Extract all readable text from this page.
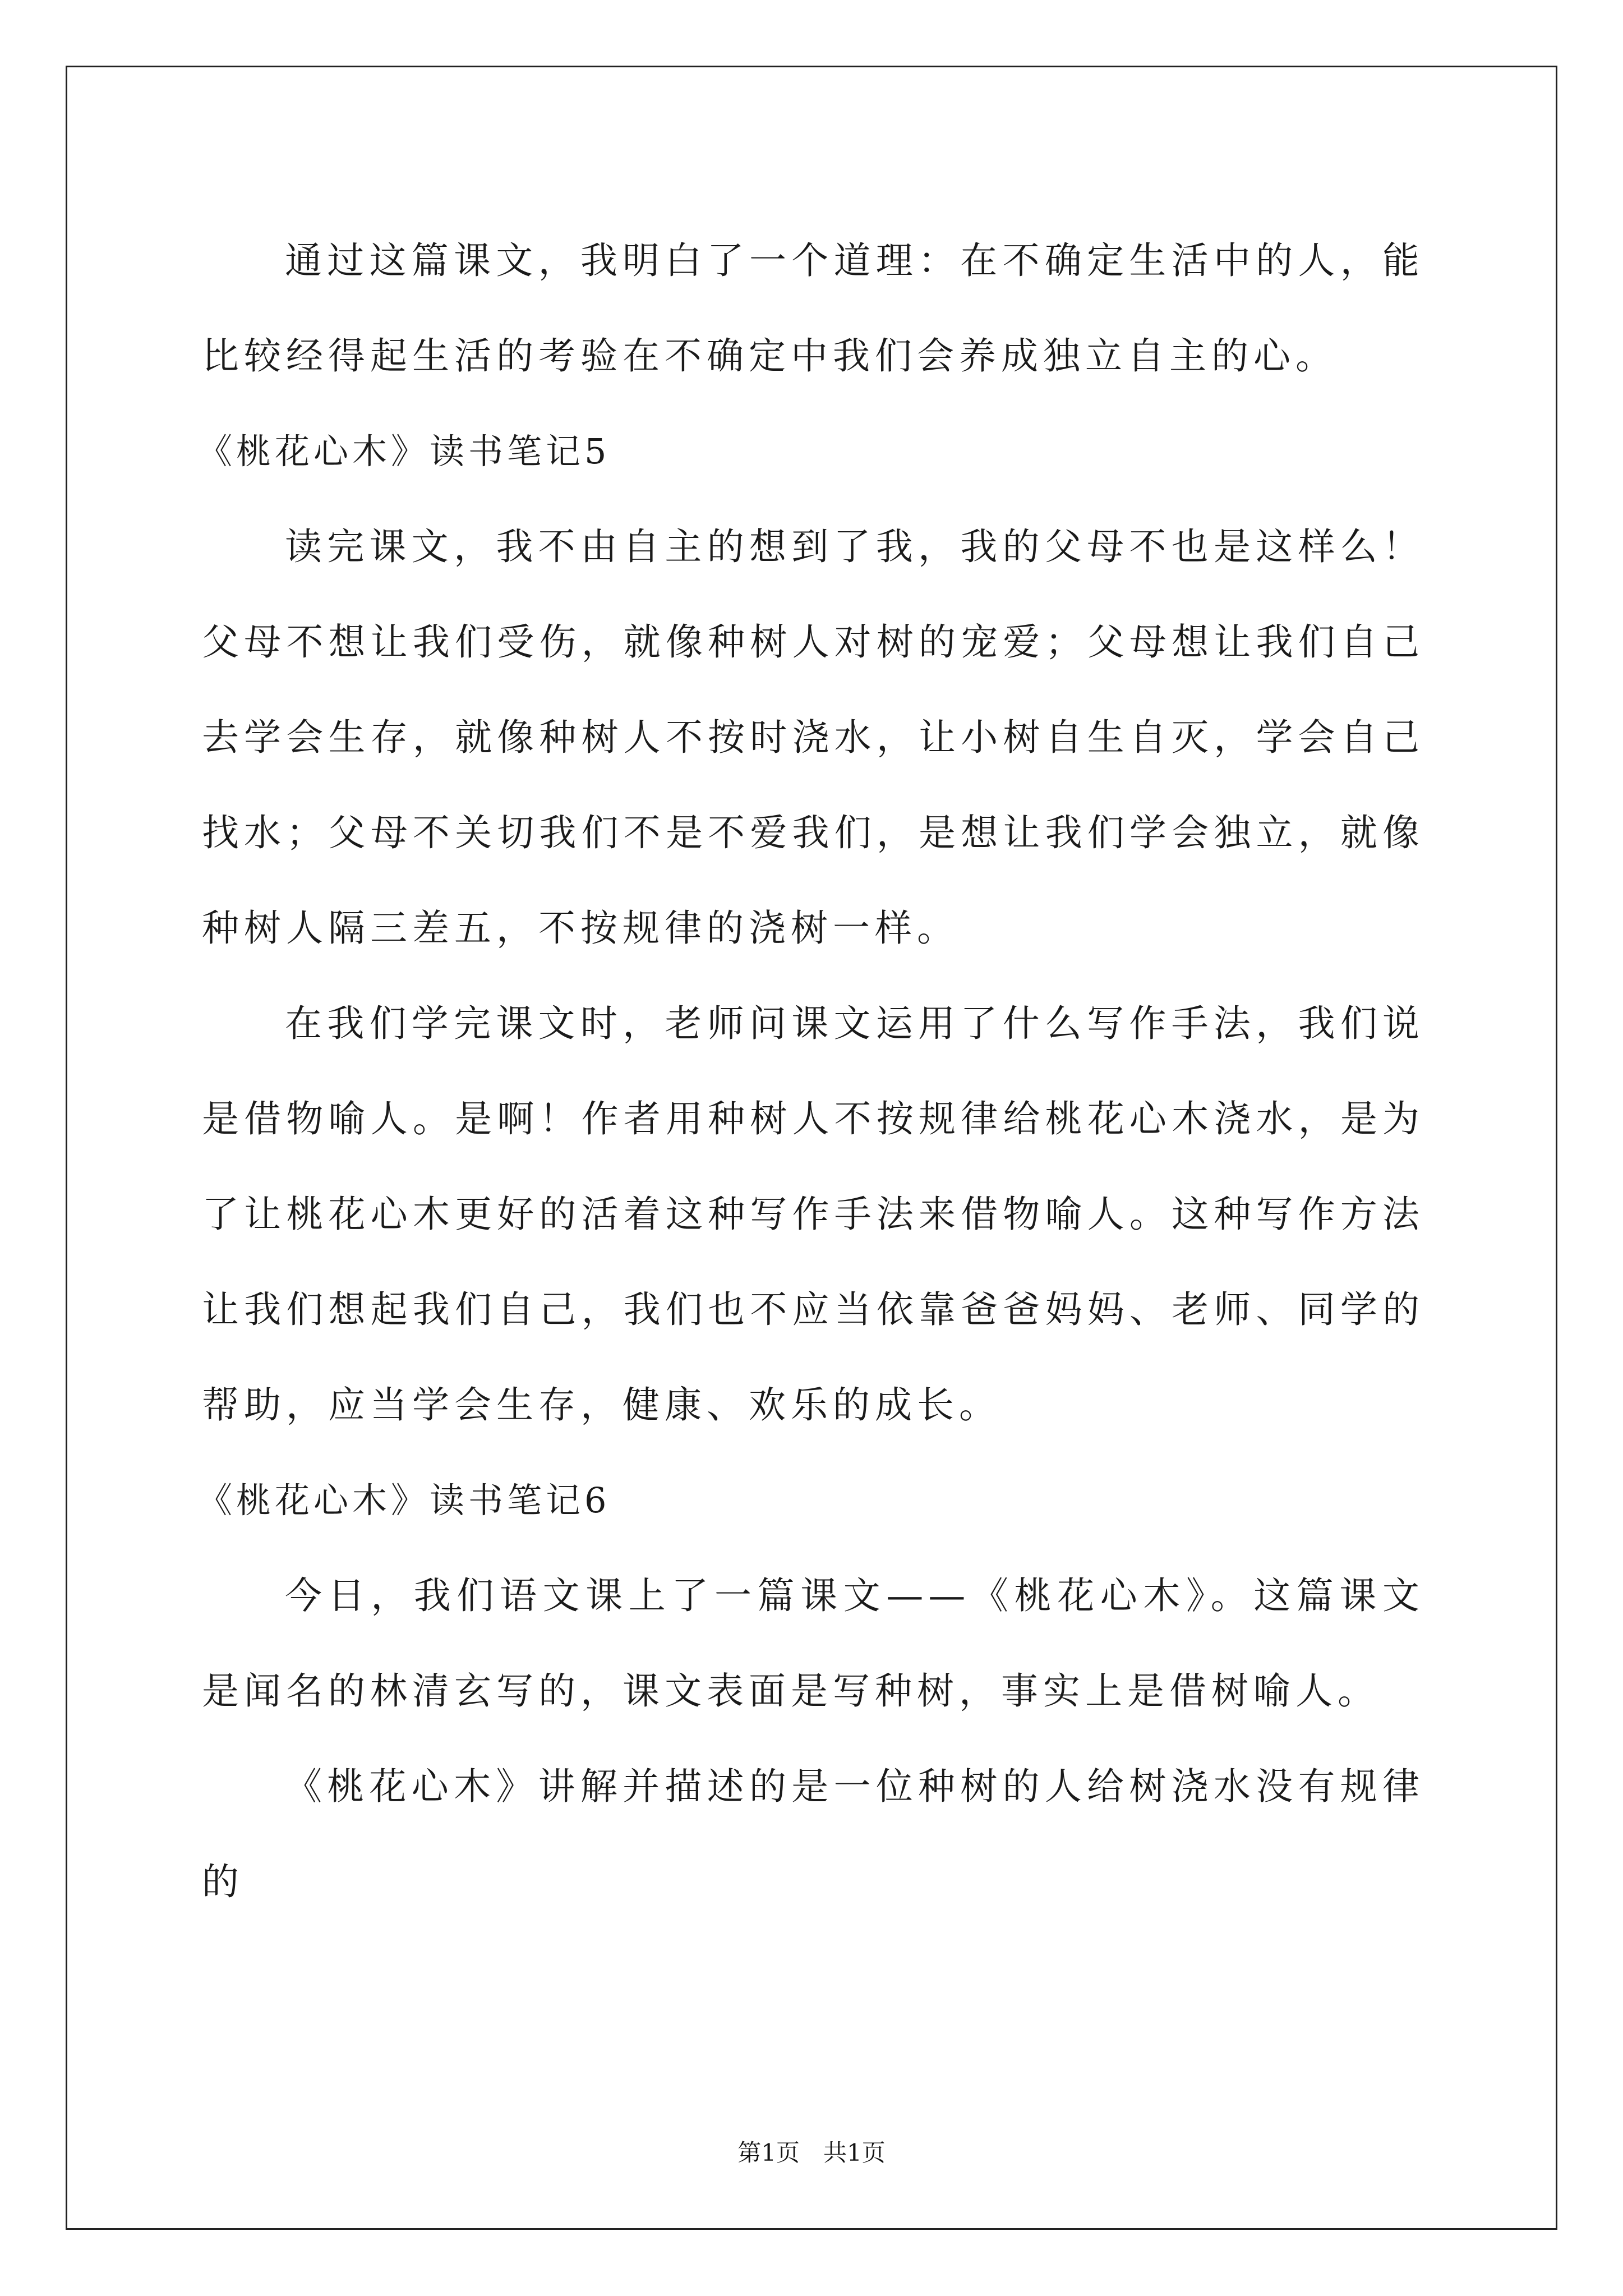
通过这篇课文，我明白了一个道理：在不确定生活中的人，能比较经得起生活的考验在不确定中我们会养成独立自主的心。

《桃花心木》读书笔记5

读完课文，我不由自主的想到了我，我的父母不也是这样么！父母不想让我们受伤，就像种树人对树的宠爱；父母想让我们自己去学会生存，就像种树人不按时浇水，让小树自生自灭，学会自己找水；父母不关切我们不是不爱我们，是想让我们学会独立，就像种树人隔三差五，不按规律的浇树一样。

在我们学完课文时，老师问课文运用了什么写作手法，我们说是借物喻人。是啊！作者用种树人不按规律给桃花心木浇水，是为了让桃花心木更好的活着这种写作手法来借物喻人。这种写作方法让我们想起我们自己，我们也不应当依靠爸爸妈妈、老师、同学的帮助，应当学会生存，健康、欢乐的成长。

《桃花心木》读书笔记6

今日，我们语文课上了一篇课文——《桃花心木》。这篇课文是闻名的林清玄写的，课文表面是写种树，事实上是借树喻人。

《桃花心木》讲解并描述的是一位种树的人给树浇水没有规律的

第1页　共1页
